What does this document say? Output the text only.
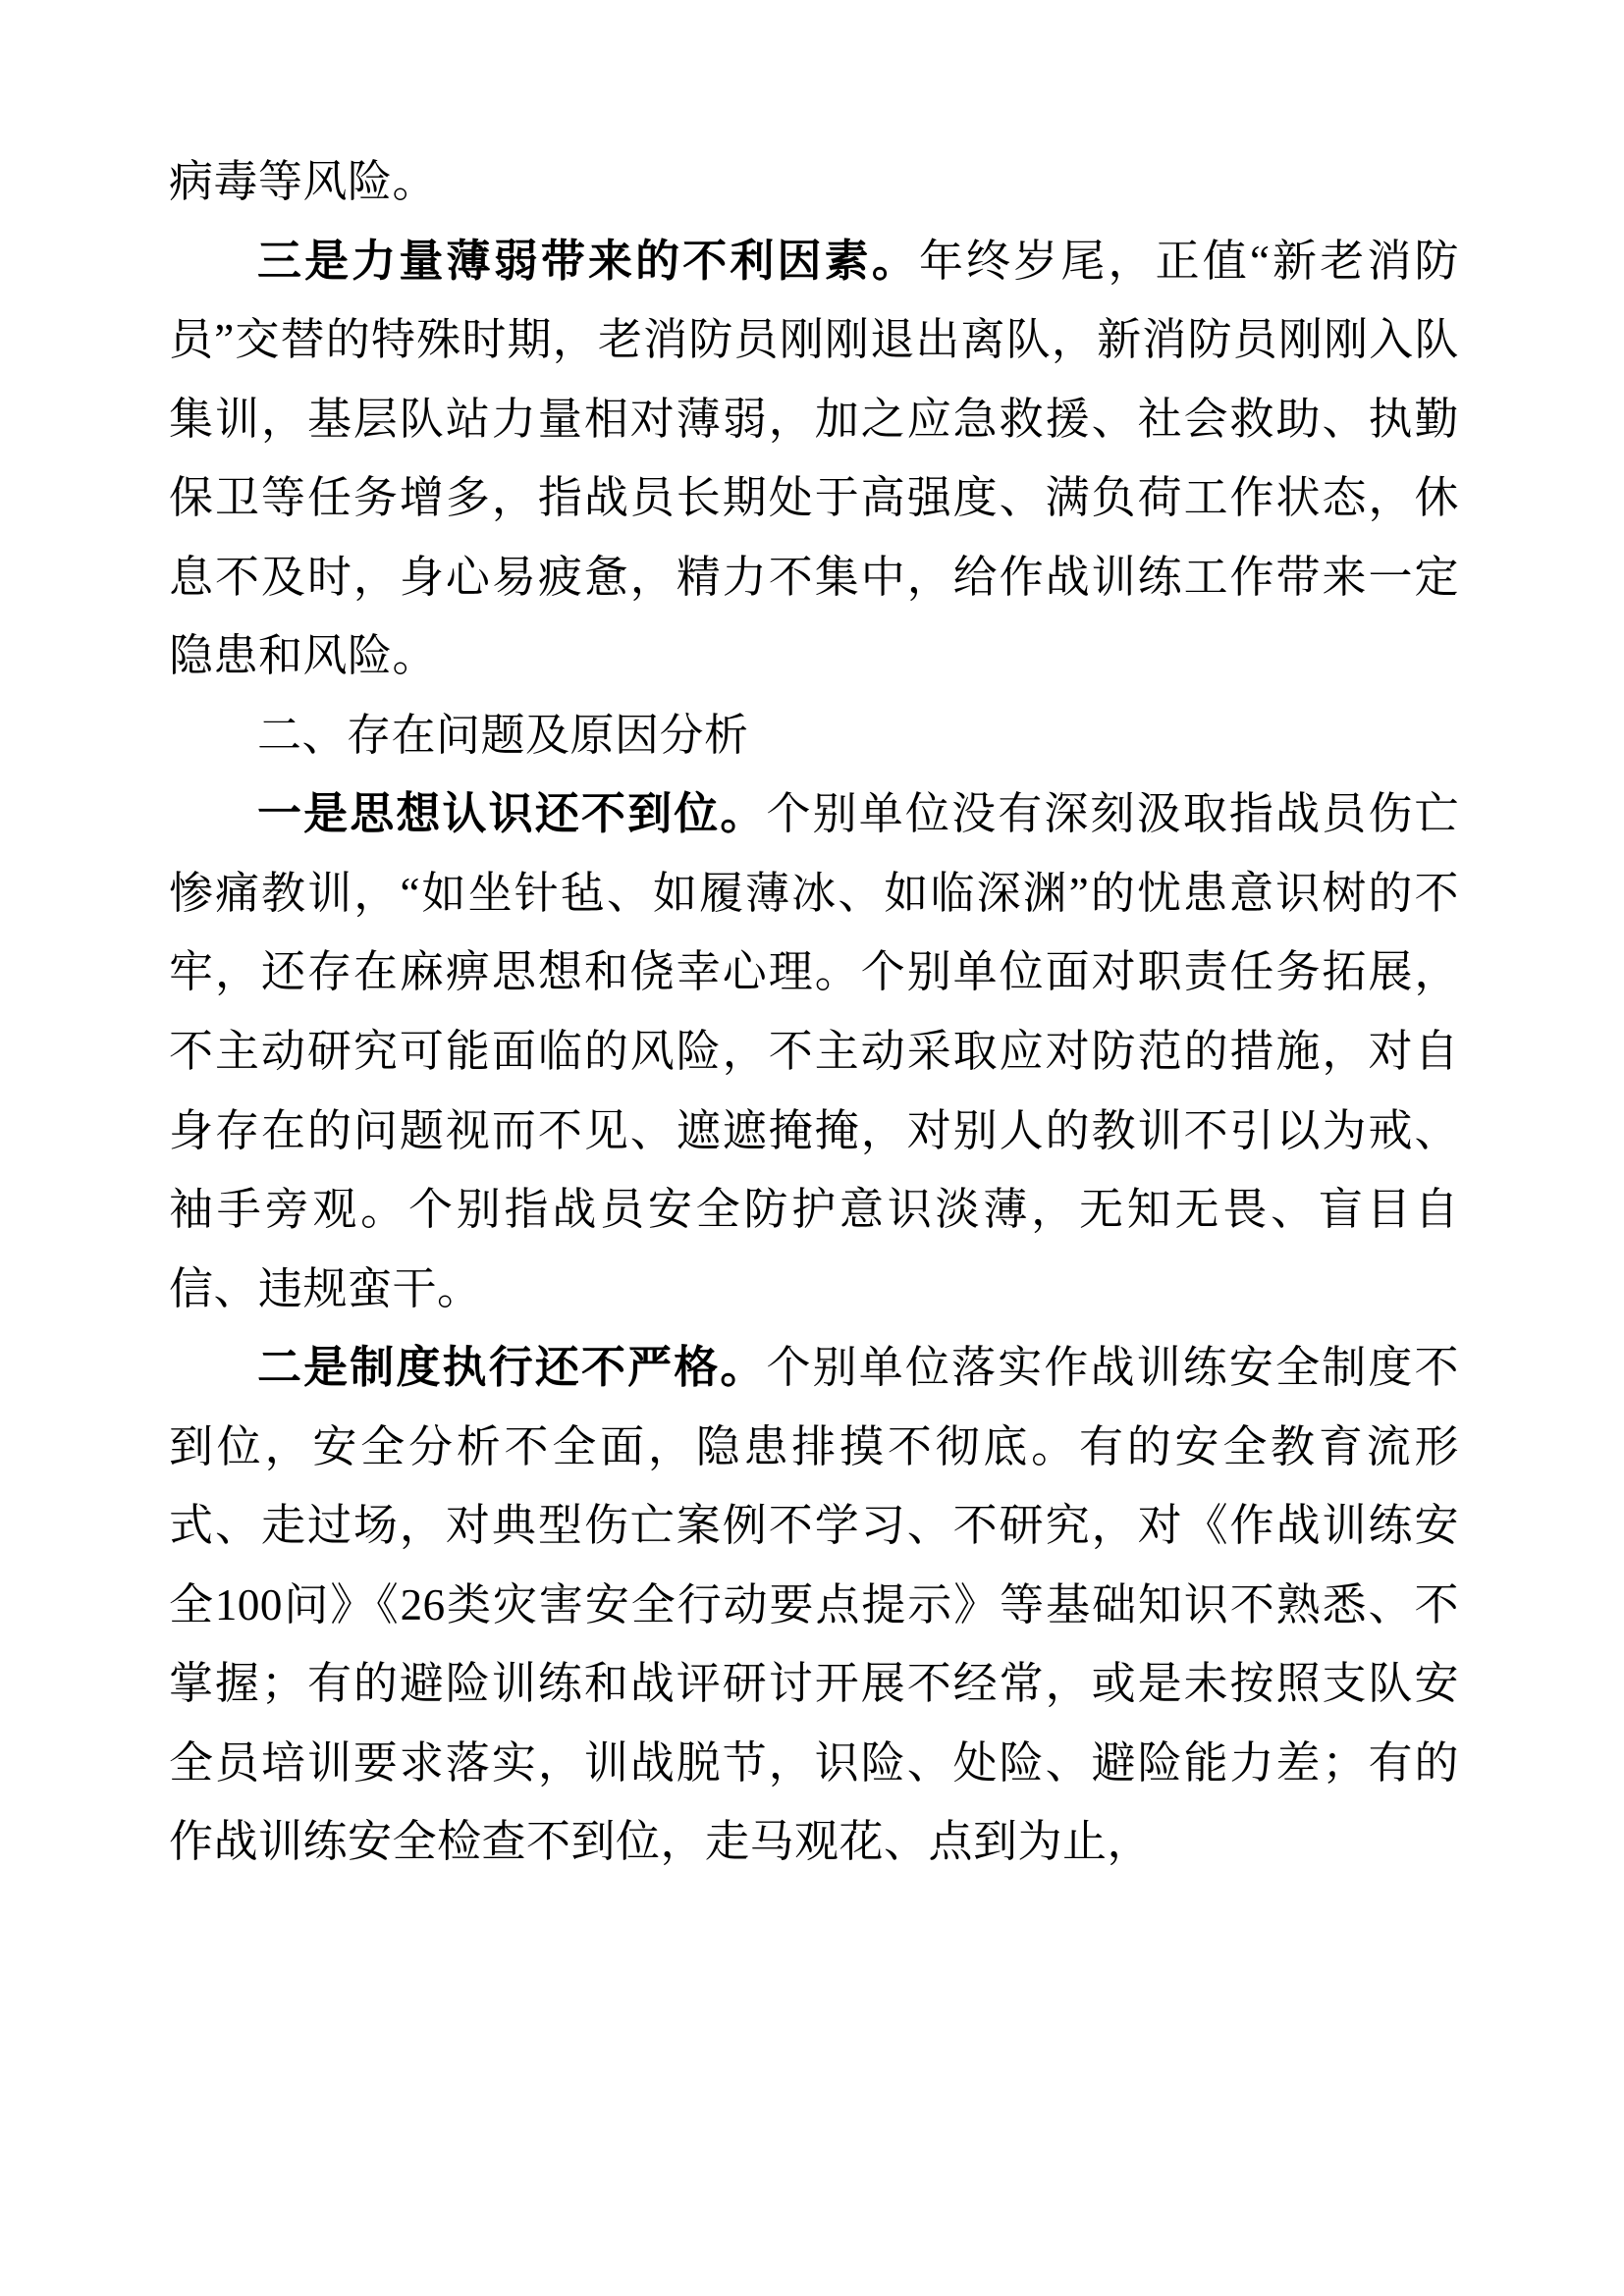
病毒等风险。

三是力量薄弱带来的不利因素。年终岁尾，正值“新老消防员”交替的特殊时期，老消防员刚刚退出离队，新消防员刚刚入队集训，基层队站力量相对薄弱，加之应急救援、社会救助、执勤保卫等任务增多，指战员长期处于高强度、满负荷工作状态，休息不及时，身心易疲惫，精力不集中，给作战训练工作带来一定隐患和风险。

二、存在问题及原因分析

一是思想认识还不到位。个别单位没有深刻汲取指战员伤亡惨痛教训，“如坐针毡、如履薄冰、如临深渊”的忧患意识树的不牢，还存在麻痹思想和侥幸心理。个别单位面对职责任务拓展，不主动研究可能面临的风险，不主动采取应对防范的措施，对自身存在的问题视而不见、遮遮掩掩，对别人的教训不引以为戒、袖手旁观。个别指战员安全防护意识淡薄，无知无畏、盲目自信、违规蛮干。

二是制度执行还不严格。个别单位落实作战训练安全制度不到位，安全分析不全面，隐患排摸不彻底。有的安全教育流形式、走过场，对典型伤亡案例不学习、不研究，对《作战训练安全100问》《26类灾害安全行动要点提示》等基础知识不熟悉、不掌握；有的避险训练和战评研讨开展不经常，或是未按照支队安全员培训要求落实，训战脱节，识险、处险、避险能力差；有的作战训练安全检查不到位，走马观花、点到为止，
